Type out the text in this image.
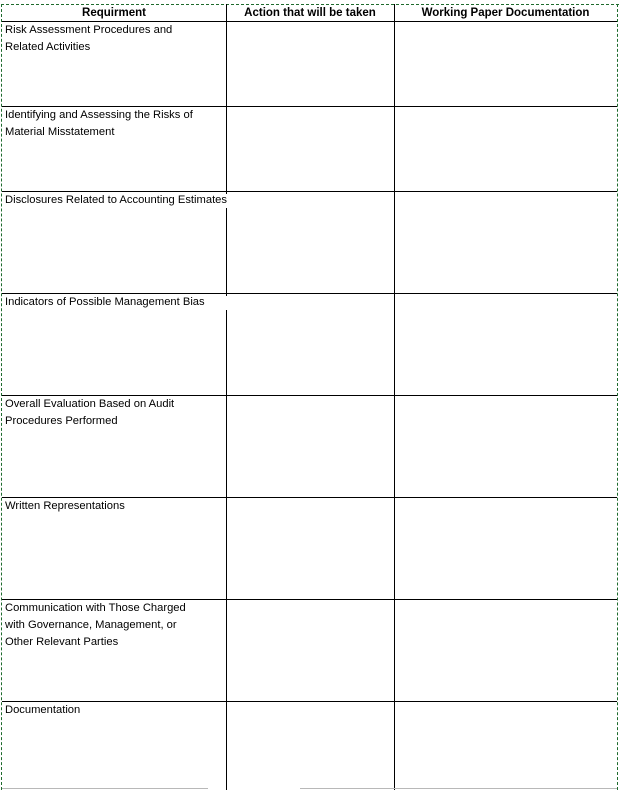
Requirment	Action that will be taken	Working Paper Documentation
Risk Assessment Procedures and
Related Activities
Identifying and Assessing the Risks of
Material Misstatement
Disclosures Related to Accounting Estimates
Indicators of Possible Management Bias
Overall Evaluation Based on Audit
Procedures Performed
Written Representations
Communication with Those Charged
with Governance, Management, or
Other Relevant Parties
Documentation
